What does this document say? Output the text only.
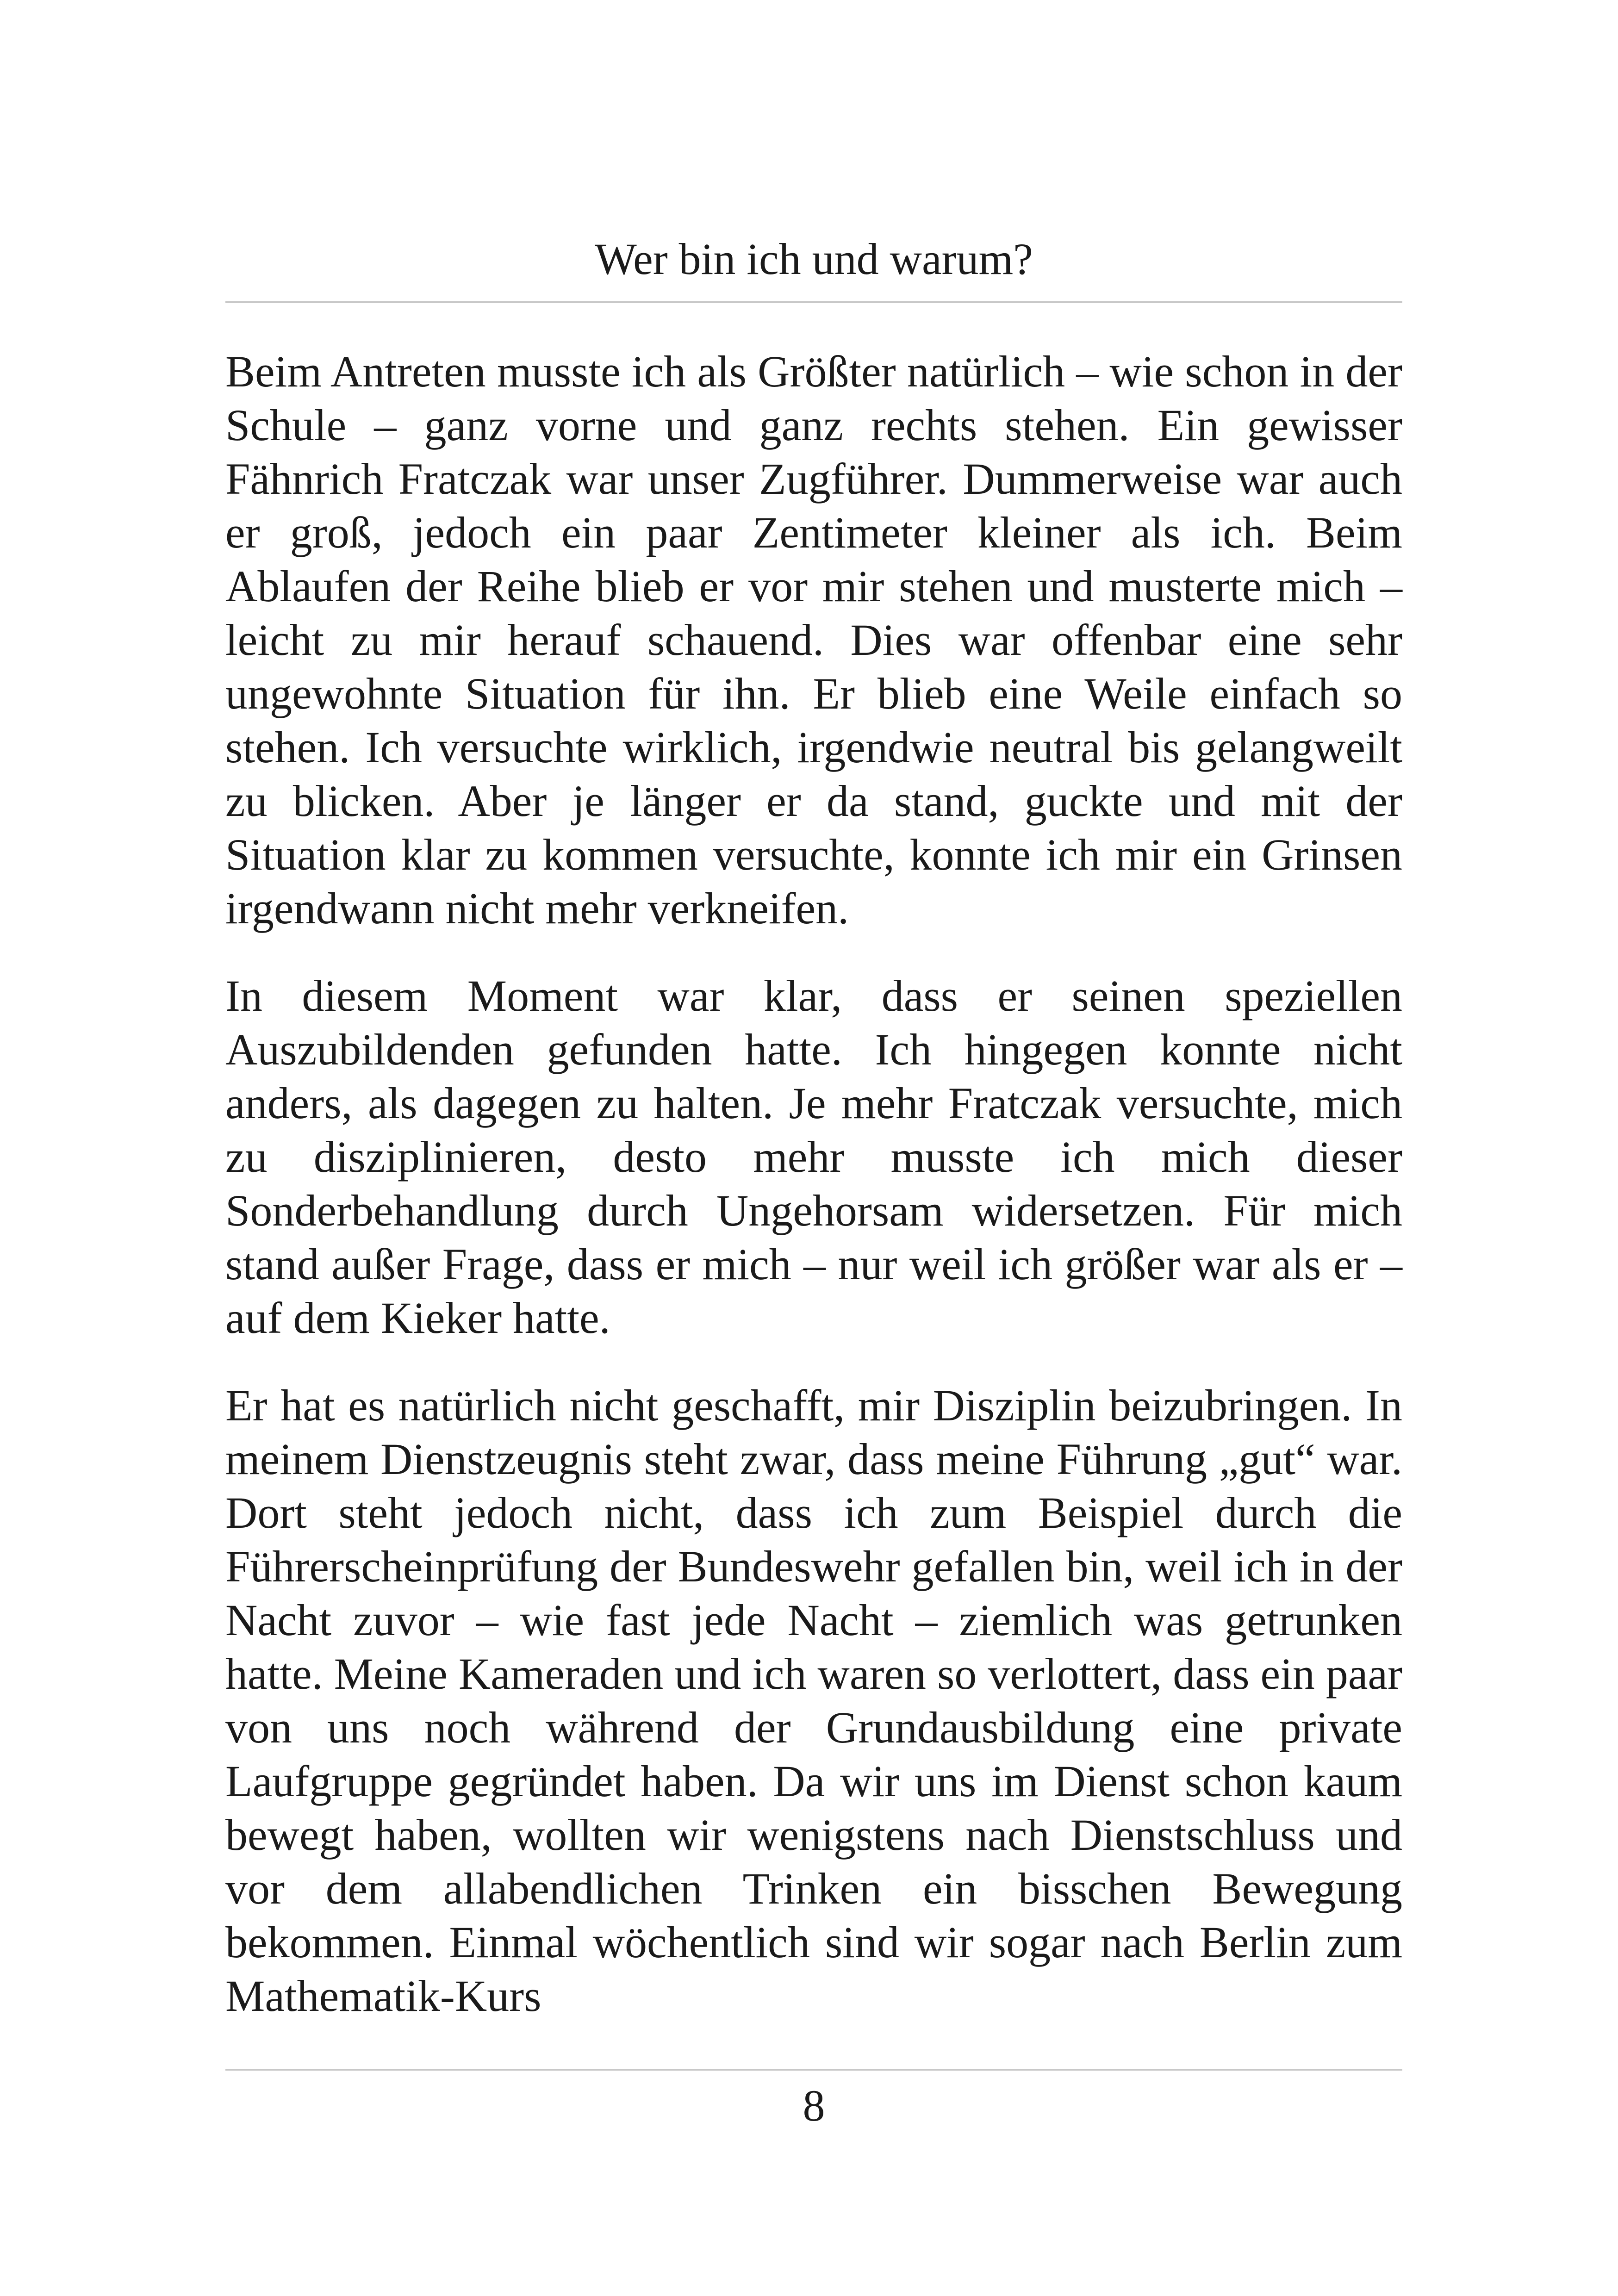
Wer bin ich und warum?

Beim Antreten musste ich als Größter natürlich – wie schon in der Schule – ganz vorne und ganz rechts stehen. Ein gewisser Fähnrich Fratczak war unser Zugführer. Dummerweise war auch er groß, jedoch ein paar Zentimeter kleiner als ich. Beim Ablaufen der Reihe blieb er vor mir stehen und musterte mich – leicht zu mir herauf schauend. Dies war offenbar eine sehr ungewohnte Situation für ihn. Er blieb eine Weile einfach so stehen. Ich versuchte wirklich, irgendwie neutral bis gelangweilt zu blicken. Aber je länger er da stand, guckte und mit der Situation klar zu kommen versuchte, konnte ich mir ein Grinsen irgendwann nicht mehr verkneifen.

In diesem Moment war klar, dass er seinen speziellen Auszubildenden gefunden hatte. Ich hingegen konnte nicht anders, als dagegen zu halten. Je mehr Fratczak versuchte, mich zu disziplinieren, desto mehr musste ich mich dieser Sonderbehandlung durch Ungehorsam widersetzen. Für mich stand außer Frage, dass er mich – nur weil ich größer war als er – auf dem Kieker hatte.

Er hat es natürlich nicht geschafft, mir Disziplin beizubringen. In meinem Dienstzeugnis steht zwar, dass meine Führung „gut“ war. Dort steht jedoch nicht, dass ich zum Beispiel durch die Führerscheinprüfung der Bundeswehr gefallen bin, weil ich in der Nacht zuvor – wie fast jede Nacht – ziemlich was getrunken hatte. Meine Kameraden und ich waren so verlottert, dass ein paar von uns noch während der Grundausbildung eine private Laufgruppe gegründet haben. Da wir uns im Dienst schon kaum bewegt haben, wollten wir wenigstens nach Dienstschluss und vor dem allabendlichen Trinken ein bisschen Bewegung bekommen. Einmal wöchentlich sind wir sogar nach Berlin zum Mathematik-Kurs

8
